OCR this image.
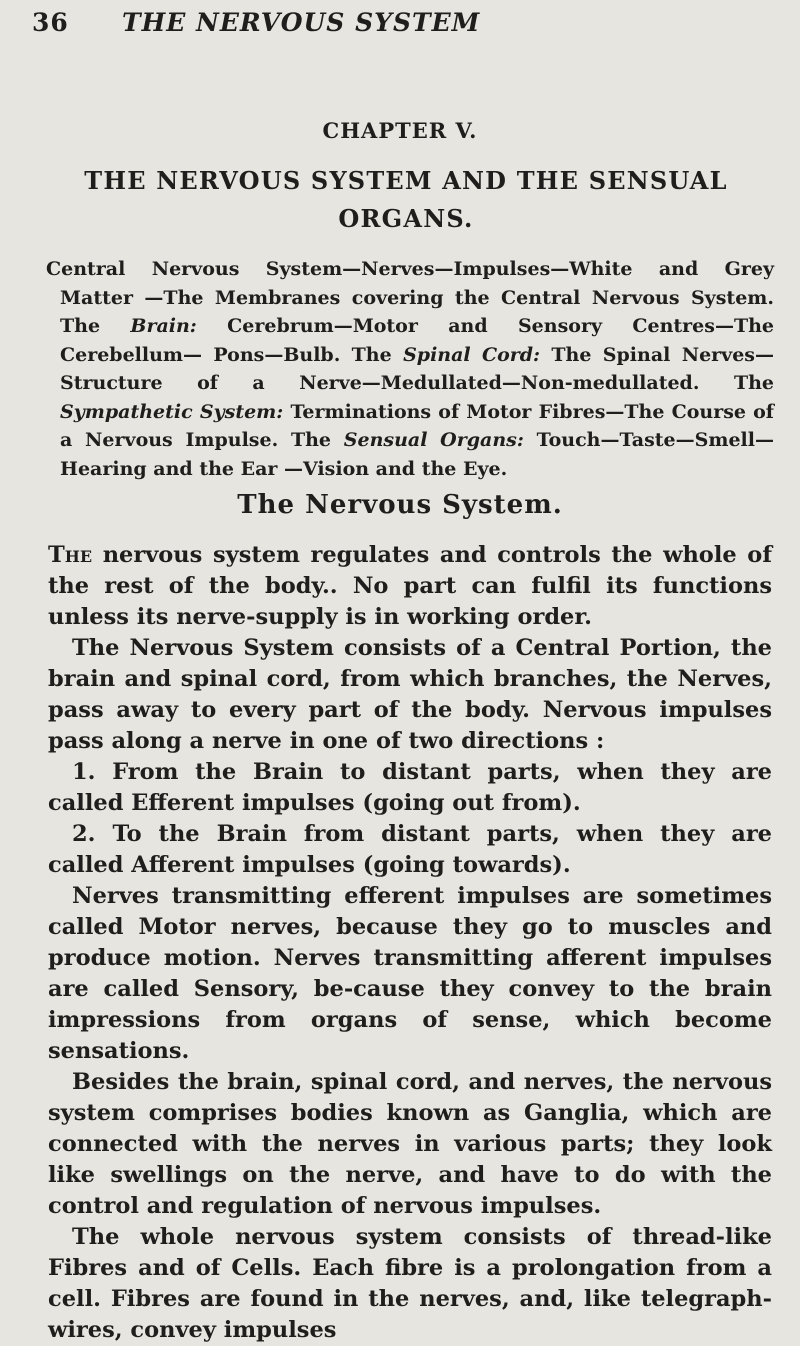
36 THE NERVOUS SYSTEM
CHAPTER V.
THE NERVOUS SYSTEM AND THE SENSUAL ORGANS.
Central Nervous System—Nerves—Impulses—White and Grey Matter —The Membranes covering the Central Nervous System. The Brain: Cerebrum—Motor and Sensory Centres—The Cerebellum— Pons—Bulb. The Spinal Cord: The Spinal Nerves—Structure of a Nerve—Medullated—Non-medullated. The Sympathetic System: Terminations of Motor Fibres—The Course of a Nervous Impulse. The Sensual Organs: Touch—Taste—Smell—Hearing and the Ear —Vision and the Eye.
The Nervous System.

The nervous system regulates and controls the whole of the rest of the body.. No part can fulfil its functions unless its nerve-supply is in working order.

The Nervous System consists of a Central Portion, the brain and spinal cord, from which branches, the Nerves, pass away to every part of the body. Nervous impulses pass along a nerve in one of two directions :

1. From the Brain to distant parts, when they are called Efferent impulses (going out from).

2. To the Brain from distant parts, when they are called Afferent impulses (going towards).

Nerves transmitting efferent impulses are sometimes called Motor nerves, because they go to muscles and produce motion. Nerves transmitting afferent impulses are called Sensory, be-cause they convey to the brain impressions from organs of sense, which become sensations.

Besides the brain, spinal cord, and nerves, the nervous system comprises bodies known as Ganglia, which are connected with the nerves in various parts; they look like swellings on the nerve, and have to do with the control and regulation of nervous impulses.

The whole nervous system consists of thread-like Fibres and of Cells. Each fibre is a prolongation from a cell. Fibres are found in the nerves, and, like telegraph-wires, convey impulses
